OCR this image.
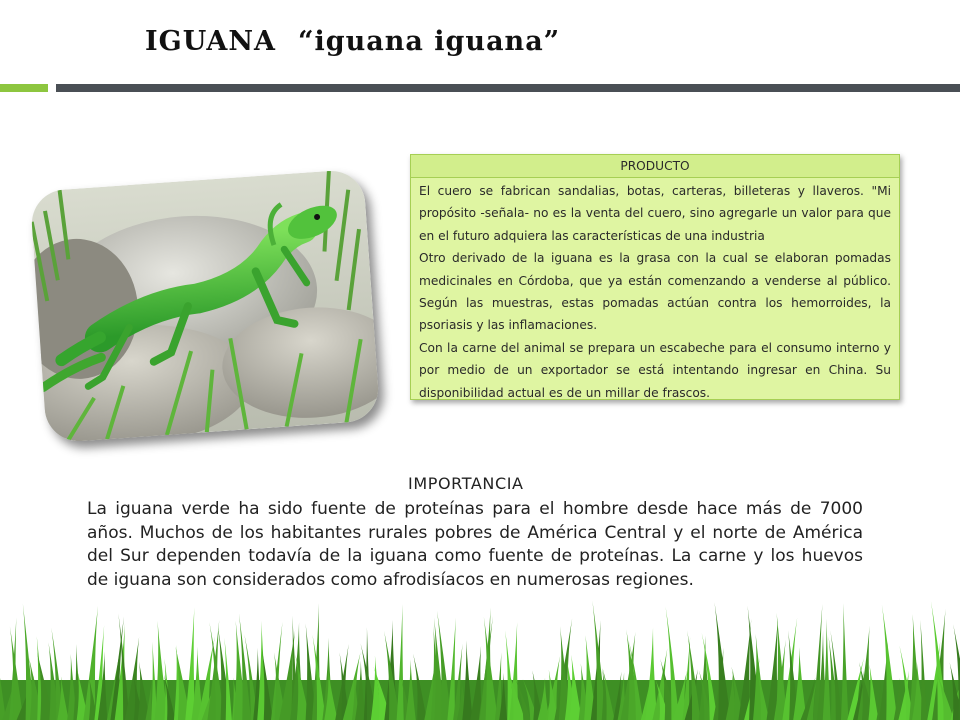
IGUANA “iguana iguana”
PRODUCTO

El cuero se fabrican sandalias, botas, carteras, billeteras y llaveros. "Mi propósito -señala- no es la venta del cuero, sino agregarle un valor para que en el futuro adquiera las características de una industria

Otro derivado de la iguana es la grasa con la cual se elaboran pomadas medicinales en Córdoba, que ya están comenzando a venderse al público. Según las muestras, estas pomadas actúan contra los hemorroides, la psoriasis y las inflamaciones.

Con la carne del animal se prepara un escabeche para el consumo interno y por medio de un exportador se está intentando ingresar en China. Su disponibilidad actual es de un millar de frascos.

IMPORTANCIA
La iguana verde ha sido fuente de proteínas para el hombre desde hace más de 7000 años. Muchos de los habitantes rurales pobres de América Central y el norte de América del Sur dependen todavía de la iguana como fuente de proteínas. La carne y los huevos de iguana son considerados como afrodisíacos en numerosas regiones.
